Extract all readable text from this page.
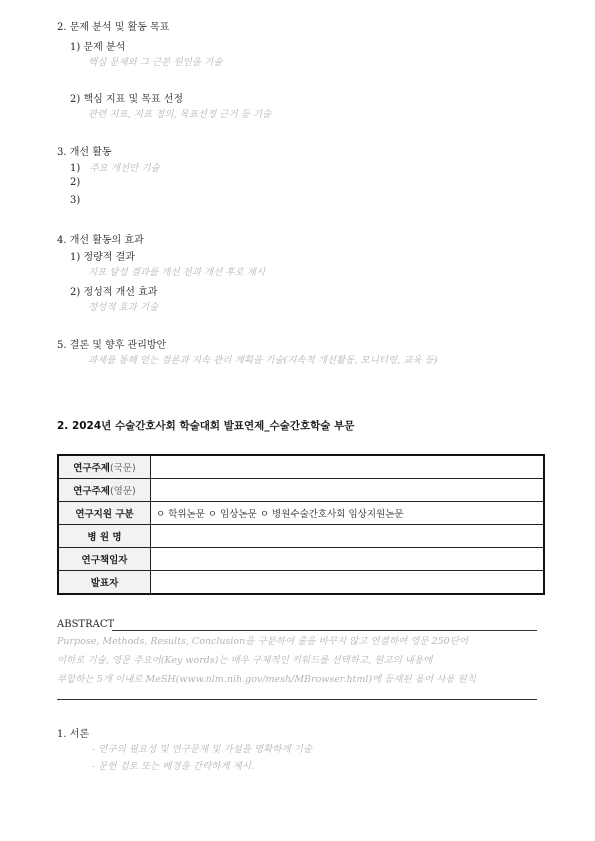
2. 문제 분석 및 활동 목표
1) 문제 분석
핵심 문제와 그 근본 원인을 기술
2) 핵심 지표 및 목표 선정
관련 지표, 지표 정의, 목표선정 근거 등 기술
3. 개선 활동
1) 주요 개선안 기술
2)
3)
4. 개선 활동의 효과
1) 정량적 결과
지표 달성 결과를 개선 전과 개선 후로 제시
2) 정성적 개선 효과
정성적 효과 기술
5. 결론 및 향후 관리방안
과제를 통해 얻는 결론과 지속 관리 계획을 기술(지속적 개선활동, 모니터링, 교육 등)
2. 2024년 수술간호사회 학술대회 발표연제_수술간호학술 부문
연구주제(국문)	
연구주제(영문)	
연구지원 구분	ㅇ 학위논문 ㅇ 임상논문 ㅇ 병원수술간호사회 임상지원논문
병 원 명	
연구책임자	
발표자	
ABSTRACT
Purpose, Methods, Results, Conclusion을 구분하여 줄을 바꾸지 않고 연결하여 영문 250단어
이하로 기술, 영문 주요어(Key words)는 매우 구체적인 키워드를 선택하고, 원고의 내용에
부합하는 5개 이내로 MeSH(www.nlm.nih.gov/mesh/MBrowser.html)에 등재된 용어 사용 원칙
1. 서론
- 연구의 필요성 및 연구문제 및 가설을 명확하게 기술
- 문헌 검토 또는 배경을 간략하게 제시.
